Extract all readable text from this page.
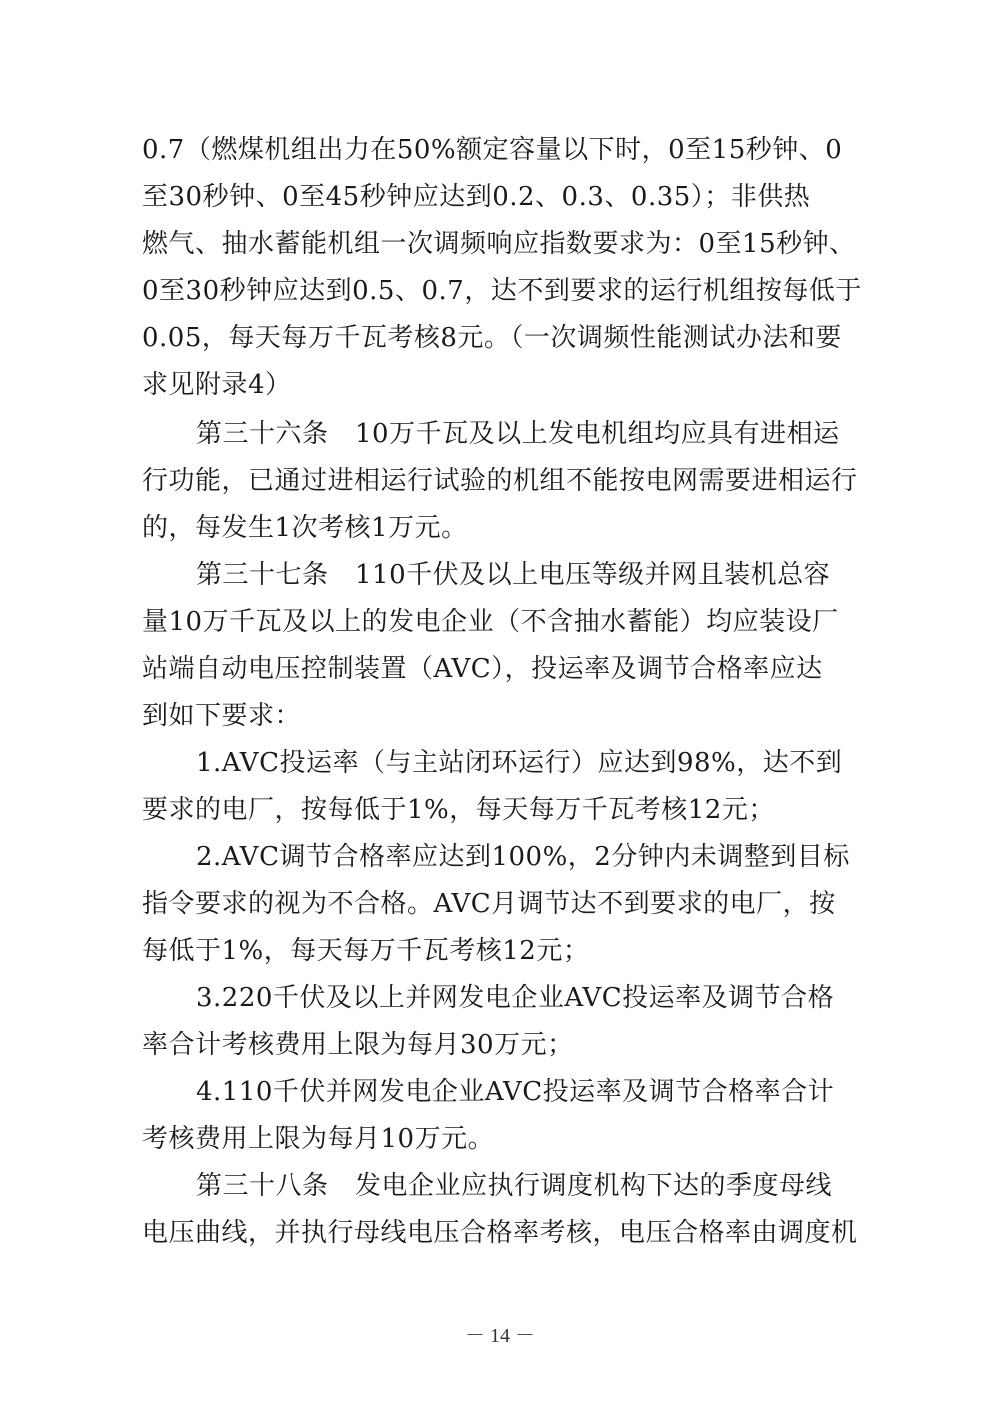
0.7（燃煤机组出力在50%额定容量以下时，0至15秒钟、0
至30秒钟、0至45秒钟应达到0.2、0.3、0.35）；非供热
燃气、抽水蓄能机组一次调频响应指数要求为：0至15秒钟、
0至30秒钟应达到0.5、0.7，达不到要求的运行机组按每低于
0.05，每天每万千瓦考核8元。（一次调频性能测试办法和要
求见附录4）
第三十六条　10万千瓦及以上发电机组均应具有进相运
行功能，已通过进相运行试验的机组不能按电网需要进相运行
的，每发生1次考核1万元。
第三十七条　110千伏及以上电压等级并网且装机总容
量10万千瓦及以上的发电企业（不含抽水蓄能）均应装设厂
站端自动电压控制装置（AVC），投运率及调节合格率应达
到如下要求：
1.AVC投运率（与主站闭环运行）应达到98%，达不到
要求的电厂，按每低于1%，每天每万千瓦考核12元；
2.AVC调节合格率应达到100%，2分钟内未调整到目标
指令要求的视为不合格。AVC月调节达不到要求的电厂，按
每低于1%，每天每万千瓦考核12元；
3.220千伏及以上并网发电企业AVC投运率及调节合格
率合计考核费用上限为每月30万元；
4.110千伏并网发电企业AVC投运率及调节合格率合计
考核费用上限为每月10万元。
第三十八条　发电企业应执行调度机构下达的季度母线
电压曲线，并执行母线电压合格率考核，电压合格率由调度机
－ 14 －
